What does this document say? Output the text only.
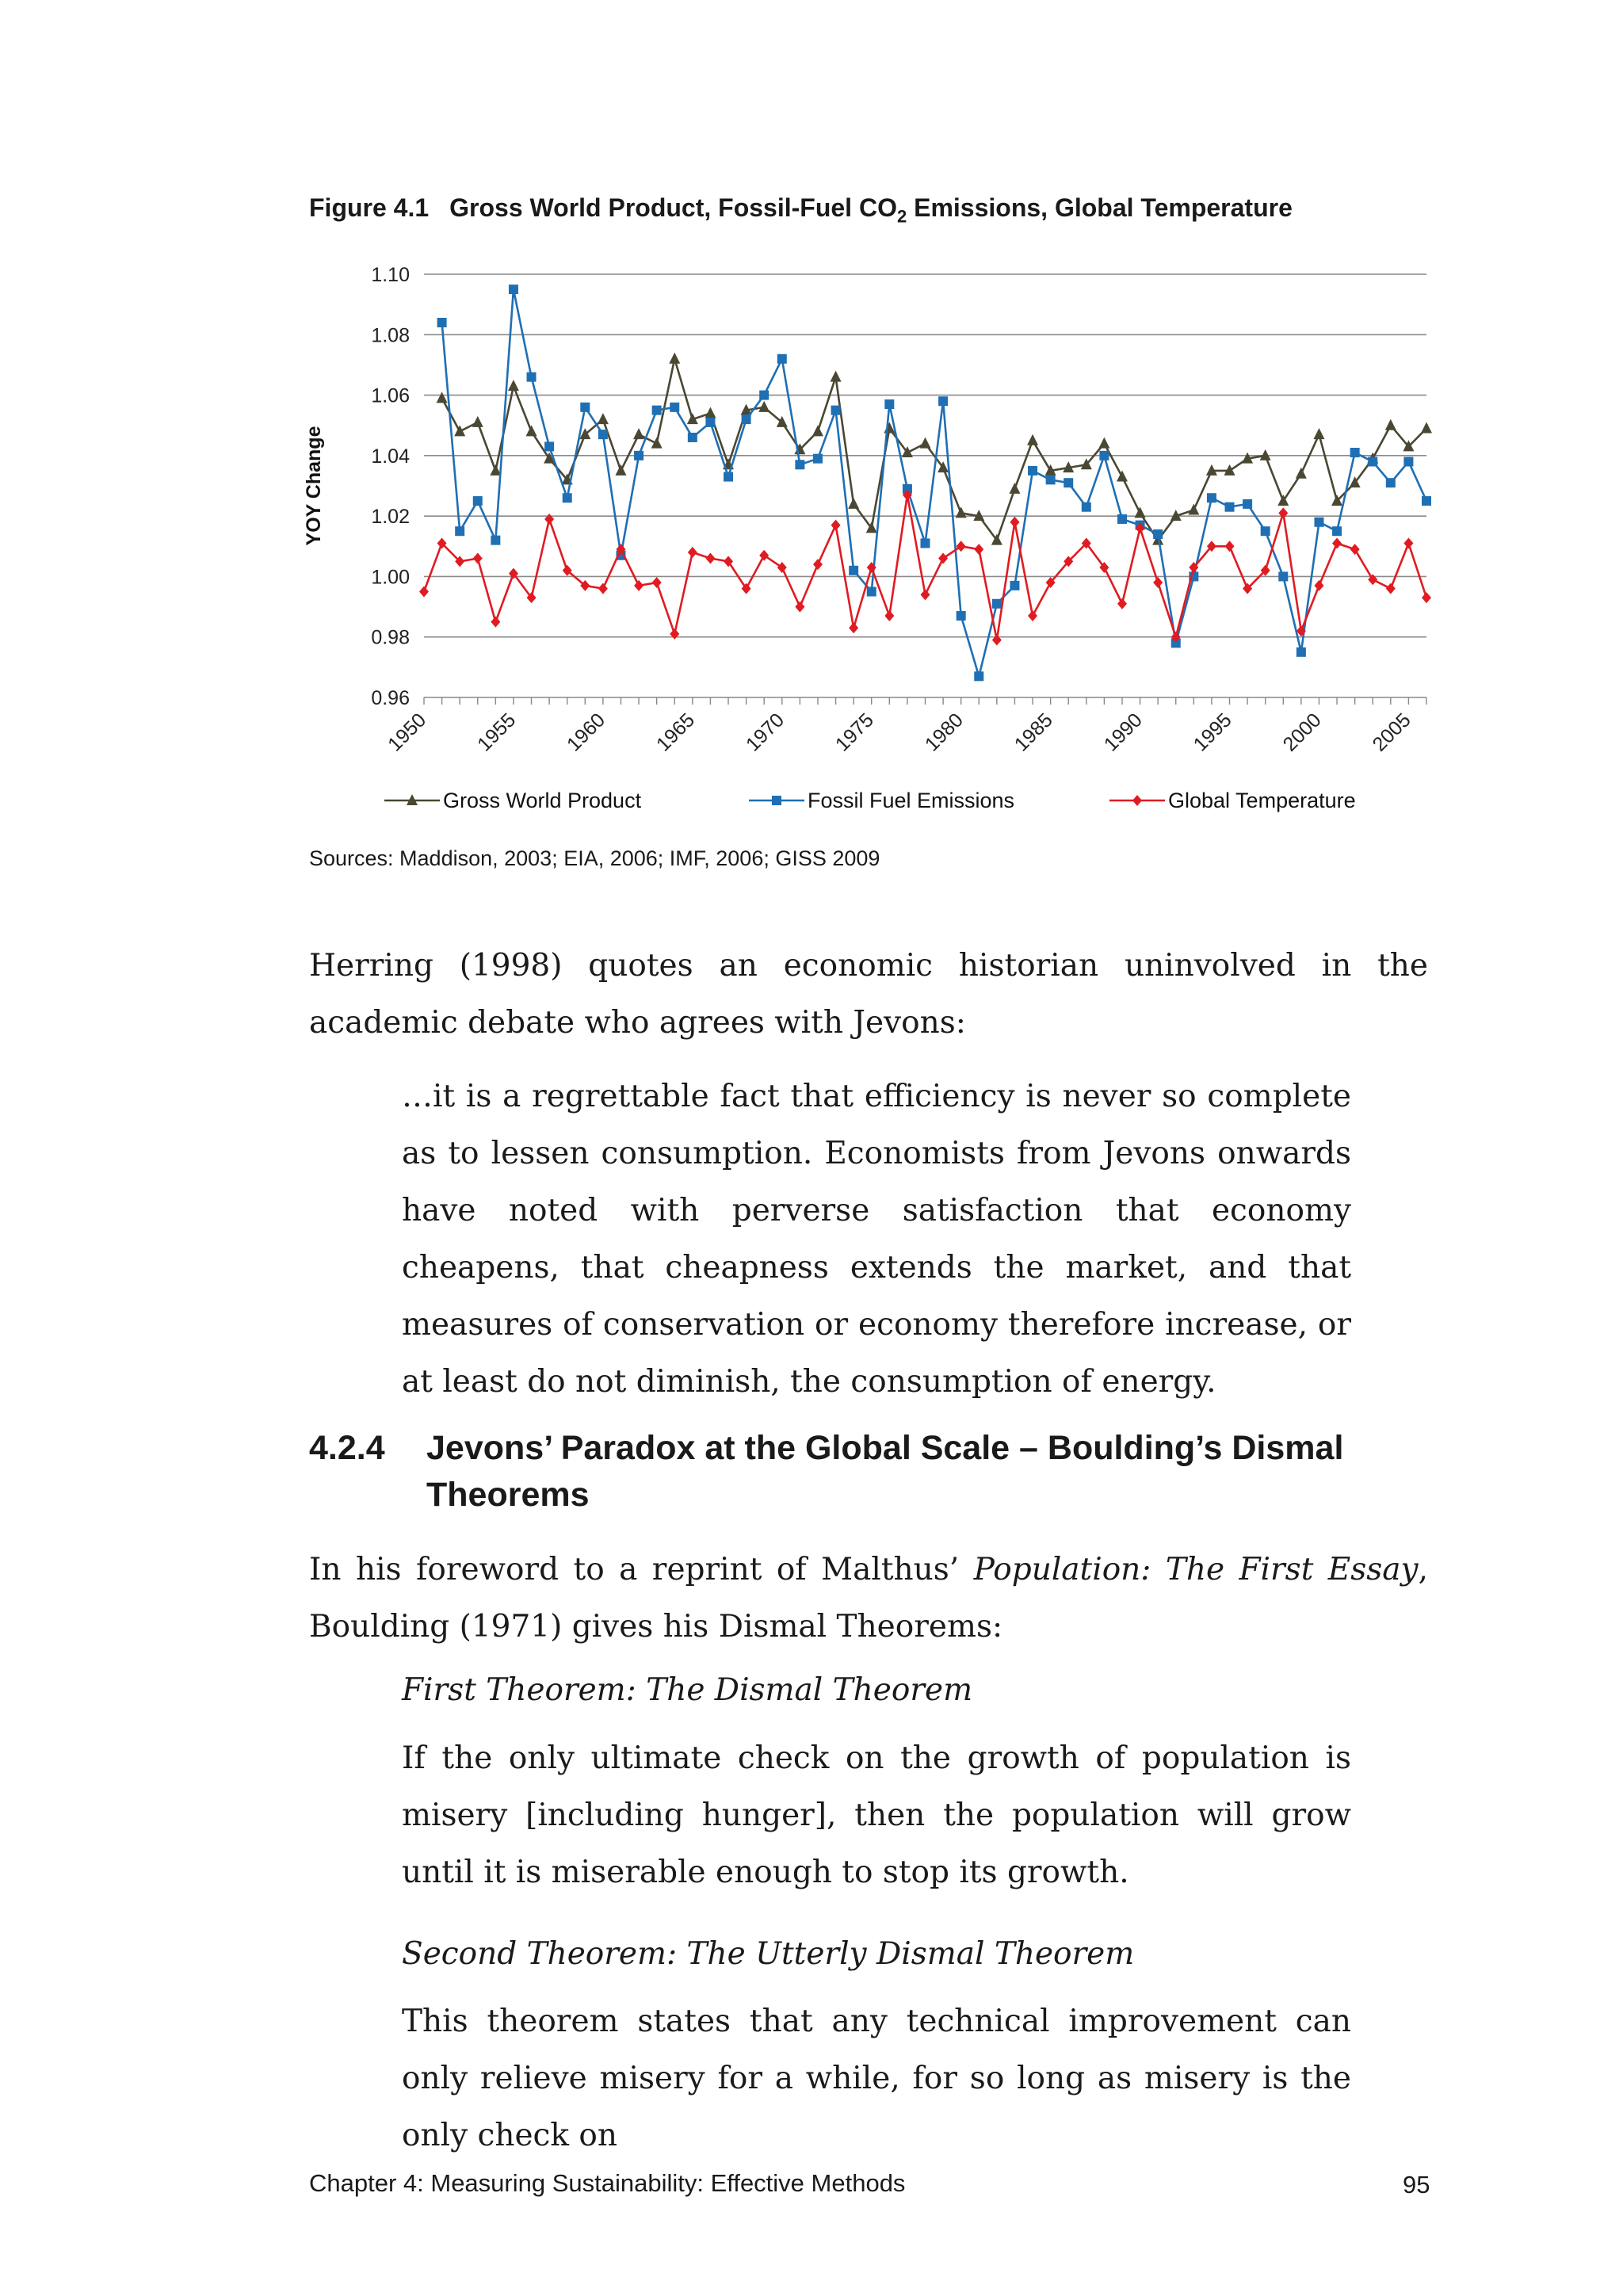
Figure 4.1 Gross World Product, Fossil-Fuel $CO_2$ Emissions, Global Temperature
0.96
0.98
1.00
1.02
1.04
1.06
1.08
1.10
1950 1955 1960 1965 1970 1975 1980 1985 1990 1995 2000 2005
YOY Change
Gross World Product	Fossil Fuel Emissions	Global Temperature
Sources: Maddison, 2003; EIA, 2006; IMF, 2006; GISS 2009
Herring (1998) quotes an economic historian uninvolved in the academic debate who agrees with Jevons:
…it is a regrettable fact that efficiency is never so complete as to lessen consumption. Economists from Jevons onwards have noted with perverse satisfaction that economy cheapens, that cheapness extends the market, and that measures of conservation or economy therefore increase, or at least do not diminish, the consumption of energy.
4.2.4 Jevons’ Paradox at the Global Scale – Boulding’s Dismal Theorems
In his foreword to a reprint of Malthus’ Population: The First Essay, Boulding (1971) gives his Dismal Theorems:
First Theorem: The Dismal Theorem
If the only ultimate check on the growth of population is misery [including hunger], then the population will grow until it is miserable enough to stop its growth.
Second Theorem: The Utterly Dismal Theorem
This theorem states that any technical improvement can only relieve misery for a while, for so long as misery is the only check on
Chapter 4: Measuring Sustainability: Effective Methods	95
